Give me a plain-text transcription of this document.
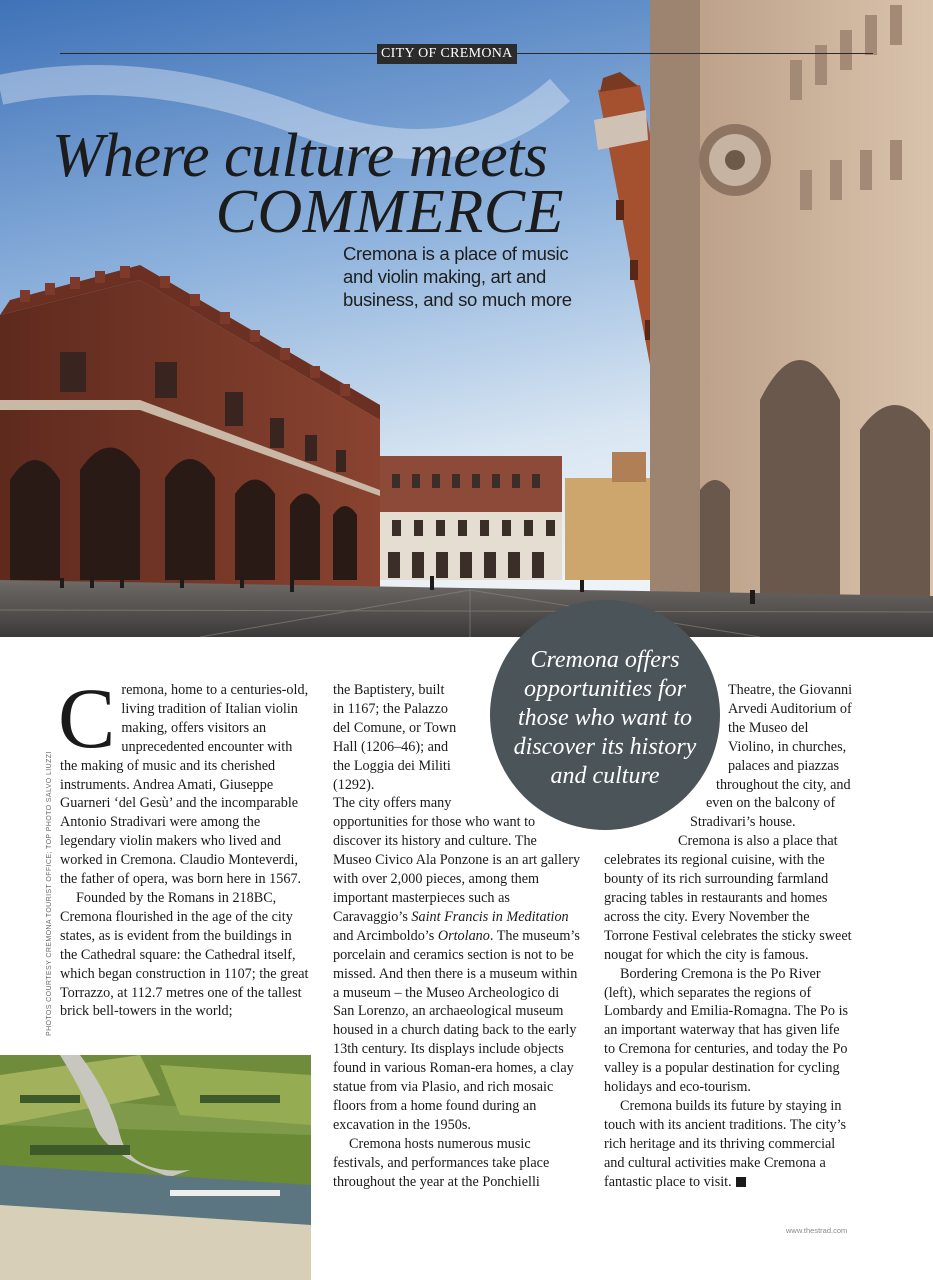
CITY OF CREMONA
Where culture meets
COMMERCE
Cremona is a place of music and violin making, art and business, and so much more

Cremona, home to a centuries-old, living tradition of Italian violin making, offers visitors an unprecedented encounter with the making of music and its cherished instruments. Andrea Amati, Giuseppe Guarneri ‘del Gesù’ and the incomparable Antonio Stradivari were among the legendary violin makers who lived and worked in Cremona. Claudio Monteverdi, the father of opera, was born here in 1567.

Founded by the Romans in 218BC, Cremona flourished in the age of the city states, as is evident from the buildings in the Cathedral square: the Cathedral itself, which began construction in 1107; the great Torrazzo, at 112.7 metres one of the tallest brick bell-towers in the world;

PHOTOS COURTESY CREMONA TOURIST OFFICE; TOP PHOTO SALVO LIUZZI

the Baptistery, built in 1167; the Palazzo del Comune, or Town Hall (1206–46); and the Loggia dei Militi (1292).

The city offers many opportunities for those who want to discover its history and culture. The Museo Civico Ala Ponzone is an art gallery with over 2,000 pieces, among them important masterpieces such as Caravaggio’s Saint Francis in Meditation and Arcimboldo’s Ortolano. The museum’s porcelain and ceramics section is not to be missed. And then there is a museum within a museum – the Museo Archeologico di San Lorenzo, an archaeological museum housed in a church dating back to the early 13th century. Its displays include objects found in various Roman-era homes, a clay statue from via Plasio, and rich mosaic floors from a home found during an excavation in the 1950s.

Cremona hosts numerous music festivals, and performances take place throughout the year at the Ponchielli

Theatre, the Giovanni Arvedi Auditorium of the Museo del Violino, in churches, palaces and piazzas throughout the city, and even on the balcony of Stradivari’s house.

Cremona is also a place that celebrates its regional cuisine, with the bounty of its rich surrounding farmland gracing tables in restaurants and homes across the city. Every November the Torrone Festival celebrates the sticky sweet nougat for which the city is famous.

Bordering Cremona is the Po River (left), which separates the regions of Lombardy and Emilia-Romagna. The Po is an important waterway that has given life to Cremona for centuries, and today the Po valley is a popular destination for cycling holidays and eco-tourism.

Cremona builds its future by staying in touch with its ancient traditions. The city’s rich heritage and its thriving commercial and cultural activities make Cremona a fantastic place to visit.

Cremona offers opportunities for those who want to discover its history and culture
www.thestrad.com
